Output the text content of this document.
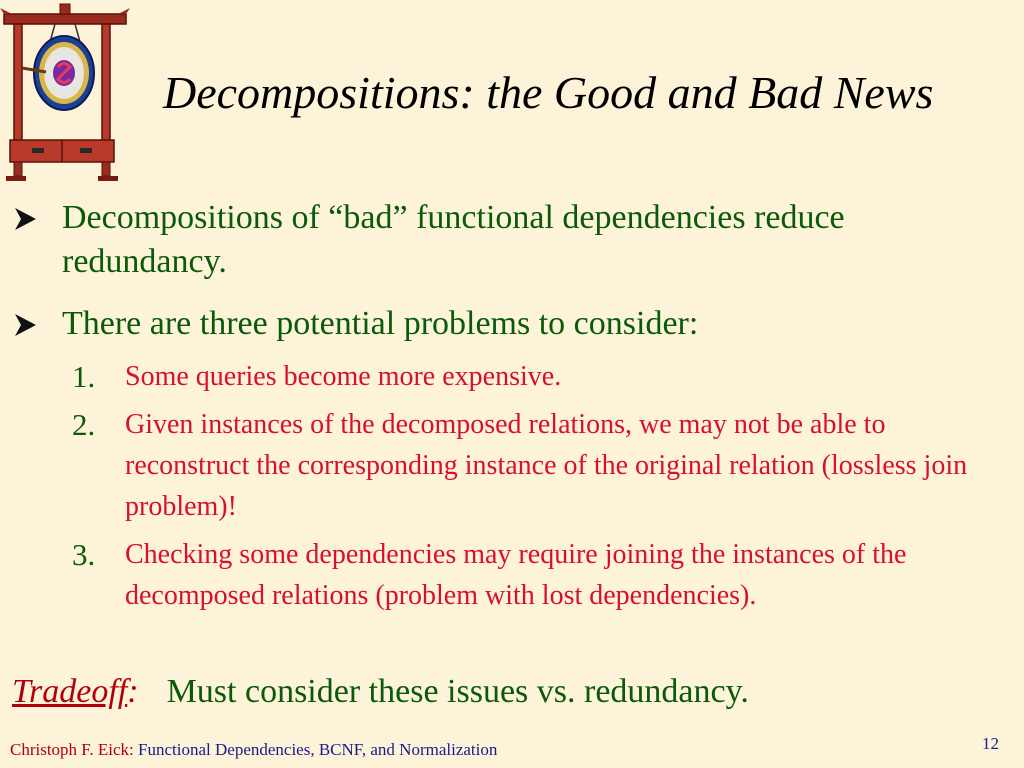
Decompositions: the Good and Bad News
Decompositions of “bad” functional dependencies reduce redundancy.
There are three potential problems to consider:
1. Some queries become more expensive.
2. Given instances of the decomposed relations, we may not be able to reconstruct the corresponding instance of the original relation (lossless join problem)!
3. Checking some dependencies may require joining the instances of the decomposed relations (problem with lost dependencies).
Tradeoff: Must consider these issues vs. redundancy.
Christoph F. Eick: Functional Dependencies, BCNF, and Normalization	12
